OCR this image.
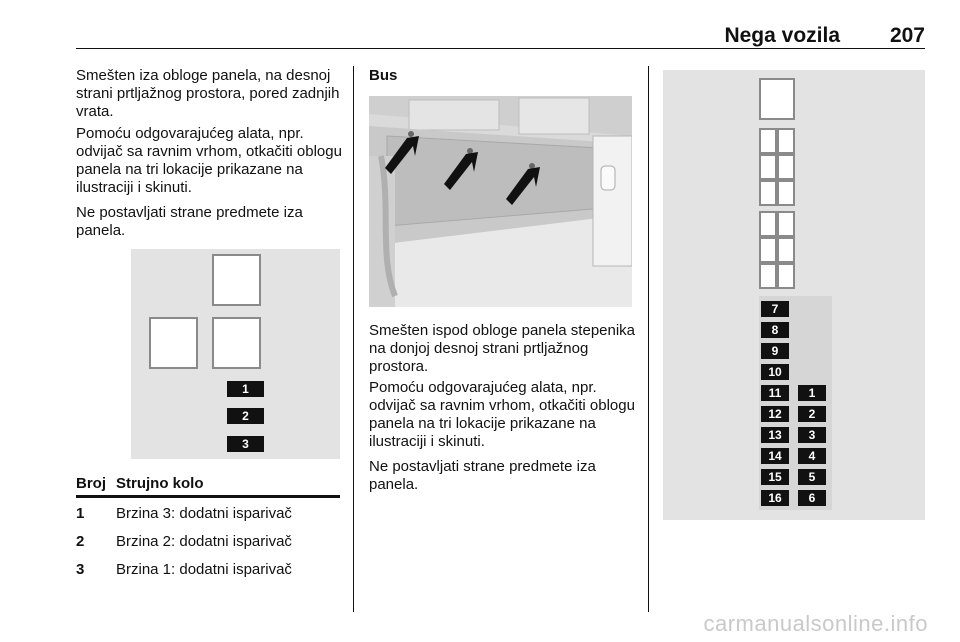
Nega vozila 207

Smešten iza obloge panela, na desnoj strani prtljažnog prostora, pored zadnjih vrata.

Pomoću odgovarajućeg alata, npr. odvijač sa ravnim vrhom, otkačiti oblogu panela na tri lokacije prikazane na ilustraciji i skinuti.

Ne postavljati strane predmete iza panela.

1
2
3
Broj Strujno kolo
1 Brzina 3: dodatni isparivač
2 Brzina 2: dodatni isparivač
3 Brzina 1: dodatni isparivač
Bus

Smešten ispod obloge panela stepenika na donjoj desnoj strani prtljažnog prostora.

Pomoću odgovarajućeg alata, npr. odvijač sa ravnim vrhom, otkačiti oblogu panela na tri lokacije prikazane na ilustraciji i skinuti.

Ne postavljati strane predmete iza panela.

7
8
9
10
11
12
13
14
15
16
1
2
3
4
5
6
carmanualsonline.info
